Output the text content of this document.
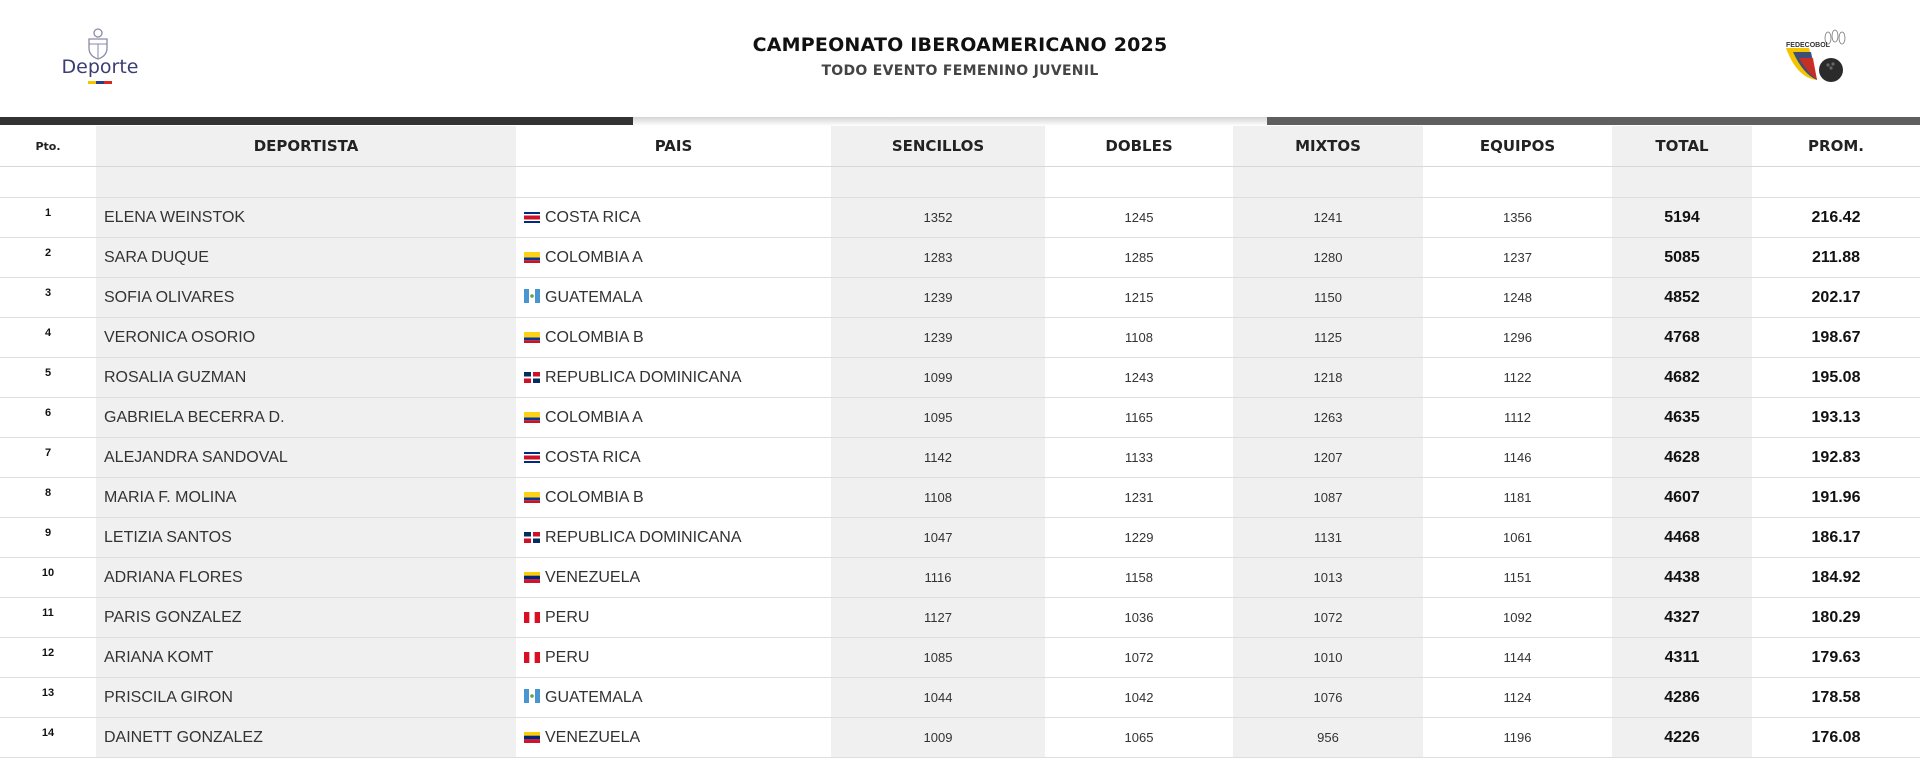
Deporte
CAMPEONATO IBEROAMERICANO 2025
TODO EVENTO FEMENINO JUVENIL
FEDECOBOL
Pto.	DEPORTISTA	PAIS	SENCILLOS	DOBLES	MIXTOS	EQUIPOS	TOTAL	PROM.

1	ELENA WEINSTOK	COSTA RICA	1352	1245	1241	1356	5194	216.42
2	SARA DUQUE	COLOMBIA A	1283	1285	1280	1237	5085	211.88
3	SOFIA OLIVARES	GUATEMALA	1239	1215	1150	1248	4852	202.17
4	VERONICA OSORIO	COLOMBIA B	1239	1108	1125	1296	4768	198.67
5	ROSALIA GUZMAN	REPUBLICA DOMINICANA	1099	1243	1218	1122	4682	195.08
6	GABRIELA BECERRA D.	COLOMBIA A	1095	1165	1263	1112	4635	193.13
7	ALEJANDRA SANDOVAL	COSTA RICA	1142	1133	1207	1146	4628	192.83
8	MARIA F. MOLINA	COLOMBIA B	1108	1231	1087	1181	4607	191.96
9	LETIZIA SANTOS	REPUBLICA DOMINICANA	1047	1229	1131	1061	4468	186.17
10	ADRIANA FLORES	VENEZUELA	1116	1158	1013	1151	4438	184.92
11	PARIS GONZALEZ	PERU	1127	1036	1072	1092	4327	180.29
12	ARIANA KOMT	PERU	1085	1072	1010	1144	4311	179.63
13	PRISCILA GIRON	GUATEMALA	1044	1042	1076	1124	4286	178.58
14	DAINETT GONZALEZ	VENEZUELA	1009	1065	956	1196	4226	176.08
